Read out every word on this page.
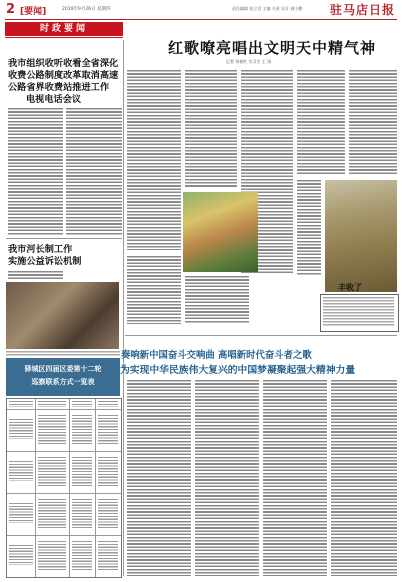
2 [要闻]	2019年9月26日 星期四	责任编辑 张立君 主编 关景 设计 满小鹏 驻马店日报
时政要闻
红歌嘹亮唱出文明天中精气神
记者 刘春红 实习生 王 涛
我市组织收听收看全省深化
收费公路制度改革取消高速
公路省界收费站推进工作
电视电话会议
我市河长制工作
实施公益诉讼机制
驿城区四届区委第十二轮
巡察联系方式一览表
丰收了
奏响新中国奋斗交响曲 高唱新时代奋斗者之歌
为实现中华民族伟大复兴的中国梦凝聚起强大精神力量
